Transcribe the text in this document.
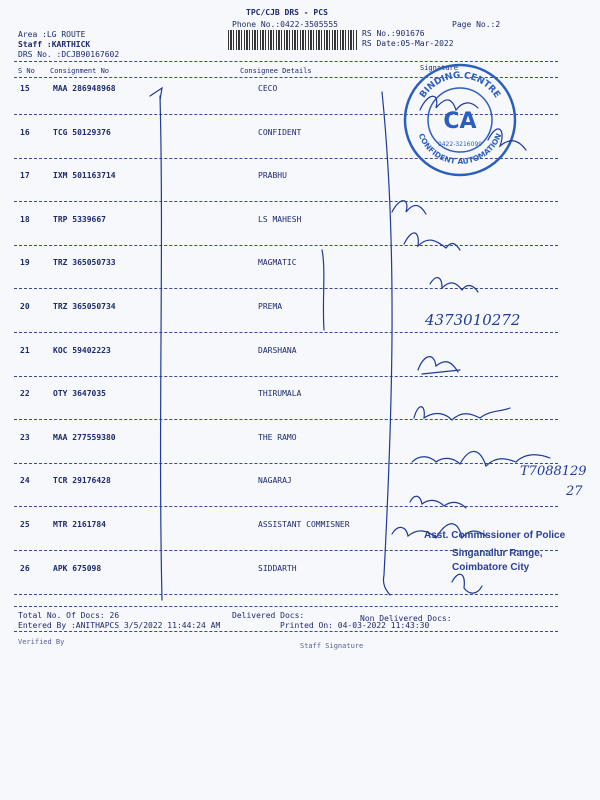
TPC/CJB DRS - PCS
Phone No.:0422-3505555	Page No.:2
Area :LG ROUTE
Staff :KARTHICK
DRS No. :DCJB90167602
RS No.:901676
RS Date:05-Mar-2022
S No Consignment No	Consignee Details	Signature
15	MAA 286948968	CECO
16	TCG 50129376	CONFIDENT
17	IXM 501163714	PRABHU
18	TRP 5339667	LS MAHESH
19	TRZ 365050733	MAGMATIC
20	TRZ 365050734	PREMA
21	KOC 59402223	DARSHANA
22	OTY 3647035	THIRUMALA
23	MAA 277559380	THE RAMO
24	TCR 29176428	NAGARAJ
25	MTR 2161784	ASSISTANT COMMISNER
26	APK 675098	SIDDARTH
BINDING CENTRE
CONFIDENT AUTOMATION
CA
0422-3216099
4373010272
T7088129
27
Asst. Commissioner of Police
Singanallur Range,
Coimbatore City
Total No. Of Docs: 26	Delivered Docs:	Non Delivered Docs:
Entered By :ANITHAPCS 3/5/2022 11:44:24 AM	Printed On: 04-03-2022 11:43:30
Verified By	Staff Signature
